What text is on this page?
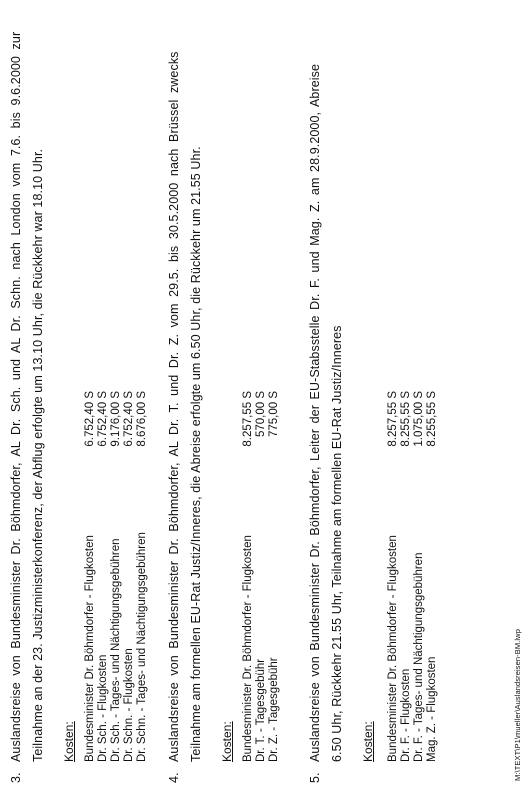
3.
Auslandsreise von Bundesminister Dr. Böhmdorfer, AL Dr. Sch. und AL Dr. Schn. nach London vom 7.6. bis 9.6.2000 zur Teilnahme an der 23. Justizministerkonferenz, der Abflug erfolgte um 13.10 Uhr, die Rückkehr war 18.10 Uhr. Kosten: Bundesminister Dr. Böhmdorfer - Flugkosten
6.752,40 S
Dr. Sch. - Flugkosten
6.752,40 S
Dr. Sch. - Tages- und Nächtigungsgebühren
9.176,00 S
Dr. Schn. - Flugkosten
6.752,40 S
Dr. Schn. - Tages- und Nächtigungsgebühren
8.676,00 S
4.
Auslandsreise von Bundesminister Dr. Böhmdorfer, AL Dr. T. und Dr. Z. vom 29.5. bis 30.5.2000 nach Brüssel zwecks Teilnahme am formellen EU-Rat Justiz/Inneres, die Abreise erfolgte um 6.50 Uhr, die Rückkehr um 21.55 Uhr. Kosten: Bundesminister Dr. Böhmdorfer - Flugkosten
8.257,55 S
Dr. T. - Tagesgebühr
570,00 S
Dr. Z. - Tagesgebühr
775,00 S
5.
Auslandsreise von Bundesminister Dr. Böhmdorfer, Leiter der EU-Stabsstelle Dr. F. und Mag. Z. am 28.9.2000, Abreise 6.50 Uhr, Rückkehr 21.55 Uhr, Teilnahme am formellen EU-Rat Justiz/Inneres Kosten: Bundesminister Dr. Böhmdorfer - Flugkosten
8.257,55 S
Dr. F. - Flugkosten
8.255,55 S
Dr. F. - Tages- und Nächtigungsgebühren
1.075,00 S
Mag. Z. - Flugkosten
8.255,55 S
M:\TEXT\P1\mueller\Auslandsreisen-BM.lwp
